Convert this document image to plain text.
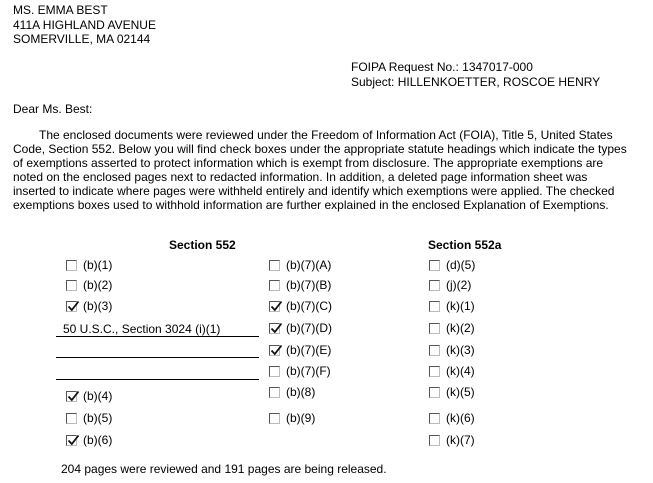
MS. EMMA BEST
411A HIGHLAND AVENUE
SOMERVILLE, MA 02144
FOIPA Request No.: 1347017-000
Subject: HILLENKOETTER, ROSCOE HENRY
Dear Ms. Best:
The enclosed documents were reviewed under the Freedom of Information Act (FOIA), Title 5, United States
Code, Section 552. Below you will find check boxes under the appropriate statute headings which indicate the types
of exemptions asserted to protect information which is exempt from disclosure. The appropriate exemptions are
noted on the enclosed pages next to redacted information. In addition, a deleted page information sheet was
inserted to indicate where pages were withheld entirely and identify which exemptions were applied. The checked
exemptions boxes used to withhold information are further explained in the enclosed Explanation of Exemptions.
Section 552	Section 552a
(b)(1)
(b)(2)
(b)(3)
(b)(4)
(b)(5)
(b)(6)
(b)(7)(A)
(b)(7)(B)
(b)(7)(C)
(b)(7)(D)
(b)(7)(E)
(b)(7)(F)
(b)(8)
(b)(9)
(d)(5)
(j)(2)
(k)(1)
(k)(2)
(k)(3)
(k)(4)
(k)(5)
(k)(6)
(k)(7)
50 U.S.C., Section 3024 (i)(1)
204 pages were reviewed and 191 pages are being released.
